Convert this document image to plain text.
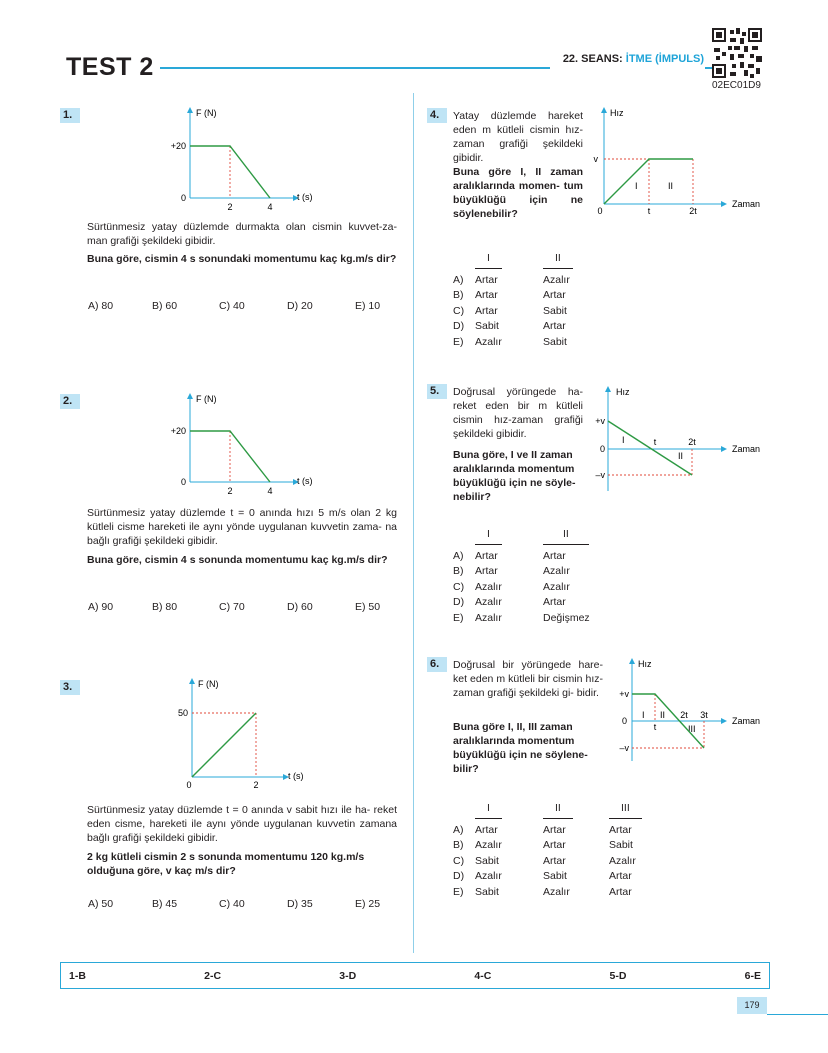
TEST 2	22. SEANS: İTME (İMPULS)
02EC01D9
1.	F (N)
t (s)
+20
0
2	4
Sürtünmesiz yatay düzlemde durmakta olan cismin kuvvet-za- man grafiği şekildeki gibidir.
Buna göre, cismin 4 s sonundaki momentumu kaç kg.m/s dir?
A) 80	B) 60	C) 40	D) 20	E) 10
2.	F (N)
t (s)
+20
0
2	4
Sürtünmesiz yatay düzlemde t = 0 anında hızı 5 m/s olan 2 kg kütleli cisme hareketi ile aynı yönde uygulanan kuvvetin zama- na bağlı grafiği şekildeki gibidir.
Buna göre, cismin 4 s sonunda momentumu kaç kg.m/s dir?
A) 90	B) 80	C) 70	D) 60	E) 50
3.	F (N)
t (s)
50
0	2
Sürtünmesiz yatay düzlemde t = 0 anında v sabit hızı ile ha- reket eden cisme, hareketi ile aynı yönde uygulanan kuvvetin zamana bağlı grafiği şekildeki gibidir.
2 kg kütleli cismin 2 s sonunda momentumu 120 kg.m/s olduğuna göre, v kaç m/s dir?
A) 50	B) 45	C) 40	D) 35	E) 25
4.	Yatay düzlemde hareket eden m kütleli cismin hız-zaman grafiği şekildeki gibidir.
Buna göre I, II zaman aralıklarında momen- tum büyüklüğü için ne söylenebilir?
Hız
Zaman
v
0	t	2t
I	II
	I	II
A)	Artar	Azalır
B)	Artar	Artar
C)	Artar	Sabit
D)	Sabit	Artar
E)	Azalır	Sabit
5.	Doğrusal yörüngede ha- reket eden bir m kütleli cismin hız-zaman grafiği şekildeki gibidir.
Buna göre, I ve II zaman aralıklarında momentum büyüklüğü için ne söyle- nebilir?
Hız
Zaman
+v
0
–v
t	2t
I
II
	I	II
A)	Artar	Artar
B)	Artar	Azalır
C)	Azalır	Azalır
D)	Azalır	Artar
E)	Azalır	Değişmez
6.	Doğrusal bir yörüngede hare- ket eden m kütleli bir cismin hız-zaman grafiği şekildeki gi- bidir.
Buna göre I, II, III zaman aralıklarında momentum büyüklüğü için ne söylene- bilir?
Hız
Zaman
+v
0
–v
t
2t 3t
I II
III
	I	II	III
A)	Artar	Artar	Artar
B)	Azalır	Artar	Sabit
C)	Sabit	Artar	Azalır
D)	Azalır	Sabit	Artar
E)	Sabit	Azalır	Artar
1-B	2-C	3-D	4-C	5-D	6-E
179
